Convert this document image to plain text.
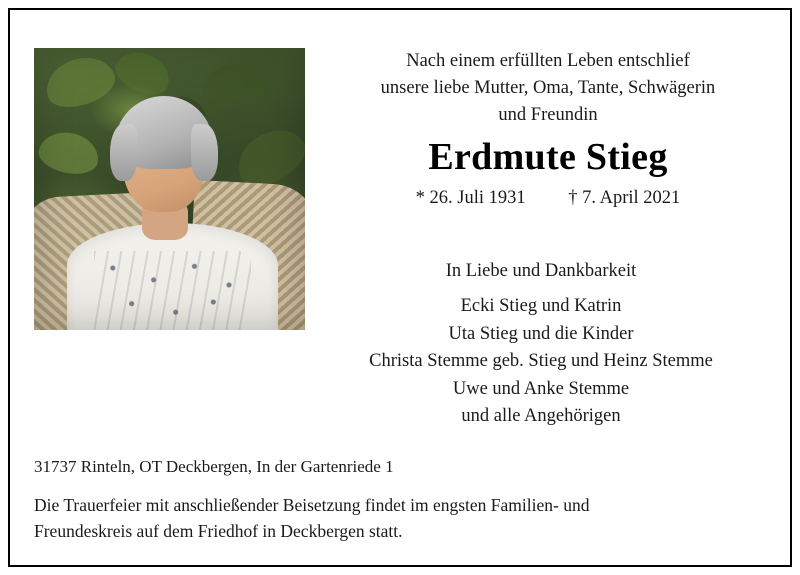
Nach einem erfüllten Leben entschlief
unsere liebe Mutter, Oma, Tante, Schwägerin
und Freundin
Erdmute Stieg
* 26. Juli 1931 † 7. April 2021
In Liebe und Dankbarkeit
Ecki Stieg und Katrin
Uta Stieg und die Kinder
Christa Stemme geb. Stieg und Heinz Stemme
Uwe und Anke Stemme
und alle Angehörigen
31737 Rinteln, OT Deckbergen, In der Gartenriede 1
Die Trauerfeier mit anschließender Beisetzung findet im engsten Familien- und
Freundeskreis auf dem Friedhof in Deckbergen statt.
